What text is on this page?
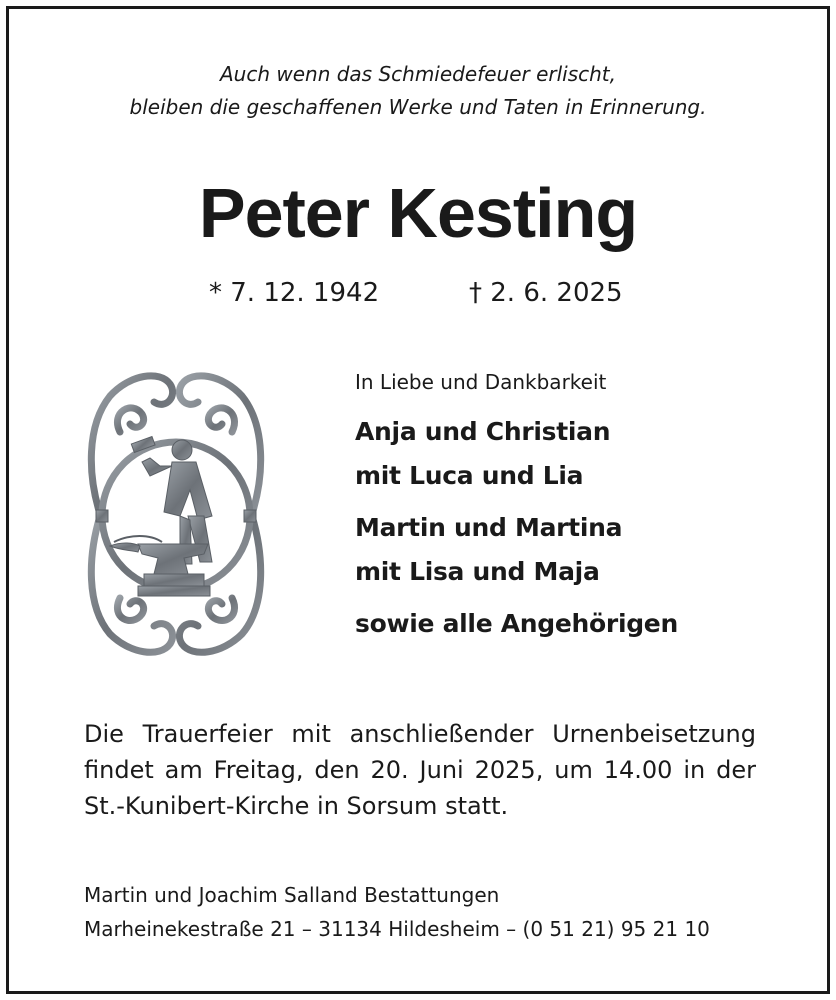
Auch wenn das Schmiedefeuer erlischt,
bleiben die geschaffenen Werke und Taten in Erinnerung.
Peter Kesting
* 7. 12. 1942	† 2. 6. 2025
In Liebe und Dankbarkeit
Anja und Christian
mit Luca und Lia
Martin und Martina
mit Lisa und Maja
sowie alle Angehörigen
Die Trauerfeier mit anschließender Urnenbeisetzung
findet am Freitag, den 20. Juni 2025, um 14.00 in der
St.-Kunibert-Kirche in Sorsum statt.
Martin und Joachim Salland Bestattungen
Marheinekestraße 21 – 31134 Hildesheim – (0 51 21) 95 21 10
